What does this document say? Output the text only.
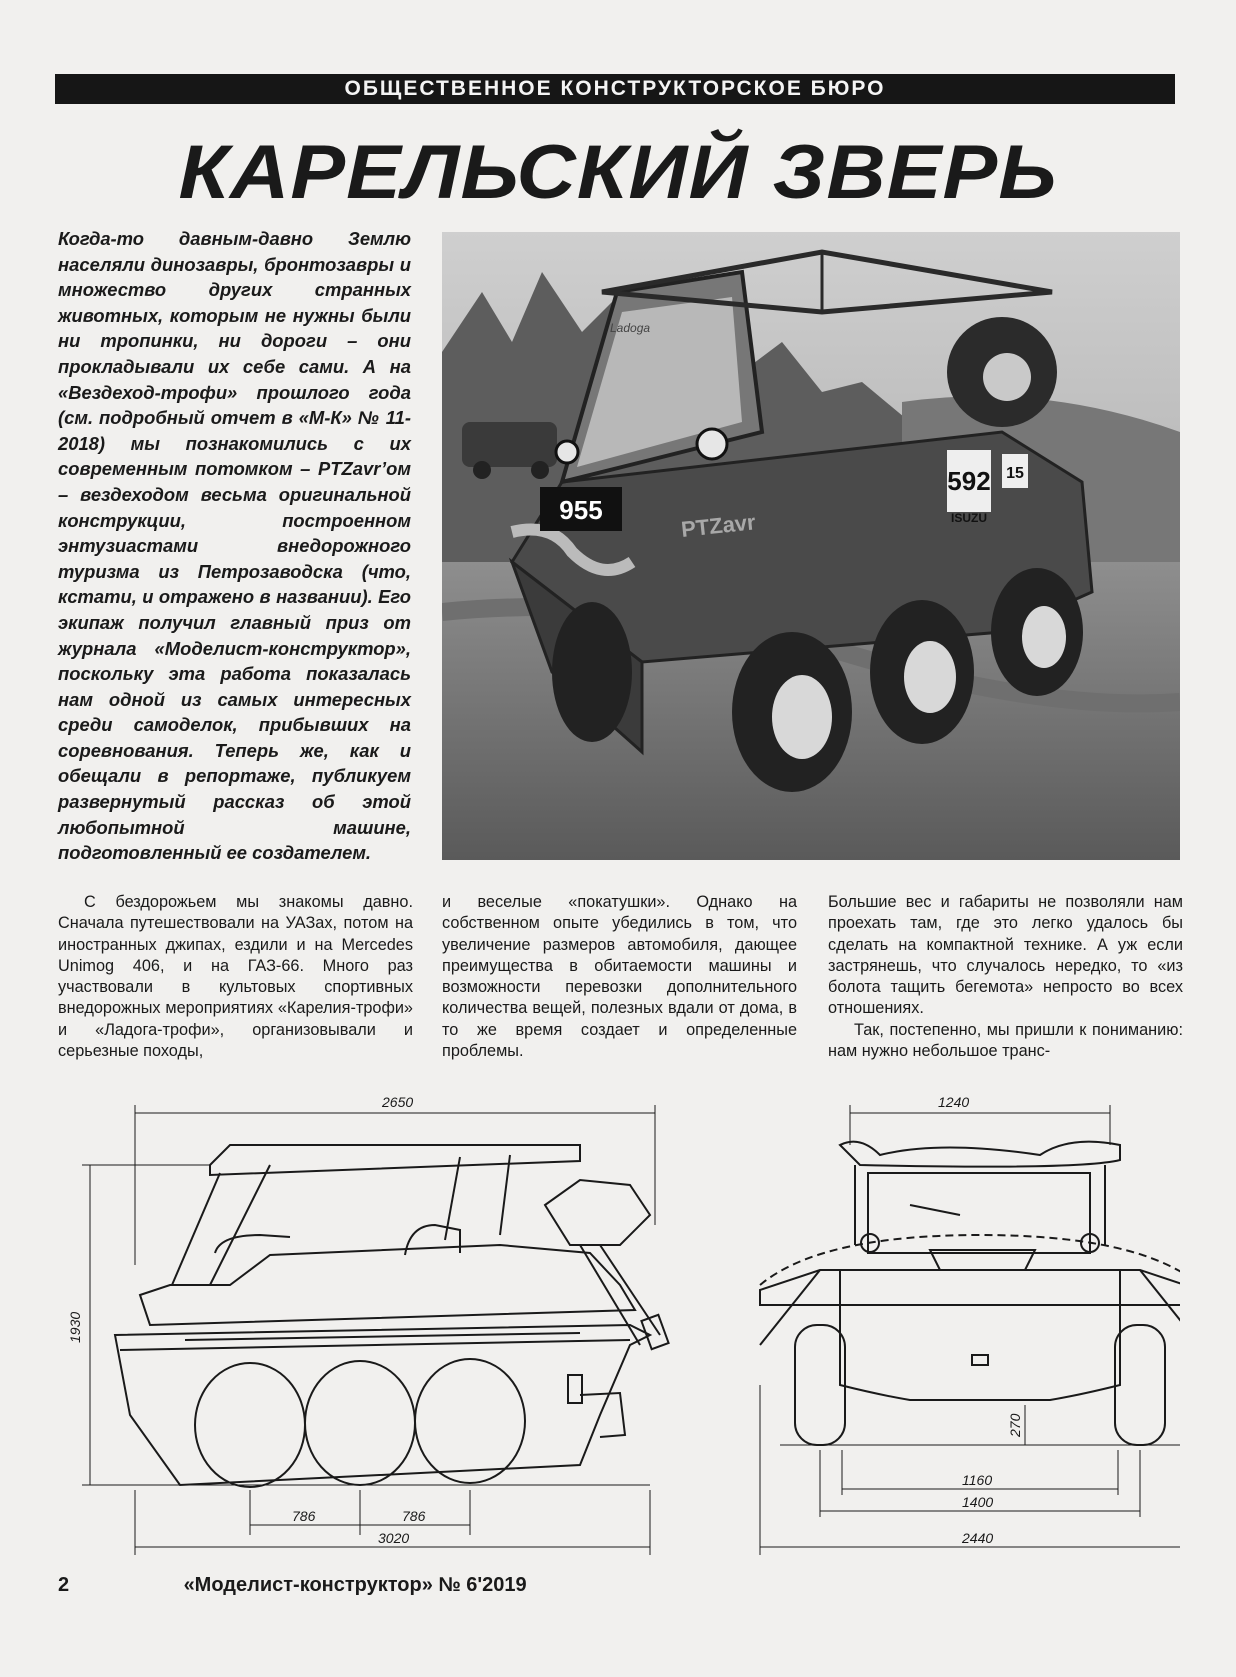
ОБЩЕСТВЕННОЕ КОНСТРУКТОРСКОЕ БЮРО
КАРЕЛЬСКИЙ ЗВЕРЬ
Когда-то давным-давно Землю населяли динозавры, бронтозавры и множество других странных животных, которым не нужны были ни тропинки, ни дороги – они прокладывали их себе сами. А на «Вездеход-трофи» прошлого года (см. подробный отчет в «М-К» № 11-2018) мы познакомились с их современным потомком – PTZavr’ом – вездеходом весьма оригинальной конструкции, построенном энтузиастами внедорожного туризма из Петрозаводска (что, кстати, и отражено в названии). Его экипаж получил главный приз от журнала «Моделист-конструктор», поскольку эта работа показалась нам одной из самых интересных среди самоделок, прибывших на соревнования. Теперь же, как и обещали в репортаже, публикуем развернутый рассказ об этой любопытной машине, подготовленный ее создателем.
955
592
ISUZU
15
PTZavr
Ladoga
С бездорожьем мы знакомы давно. Сначала путешествовали на УАЗах, потом на иностранных джипах, ездили и на Mercedes Unimog 406, и на ГАЗ-66. Много раз участвовали в культовых спортивных внедорожных мероприятиях «Карелия-трофи» и «Ладога-трофи», организовывали и серьезные походы,
и веселые «покатушки». Однако на собственном опыте убедились в том, что увеличение размеров автомобиля, дающее преимущества в обитаемости машины и возможности перевозки дополнительного количества вещей, полезных вдали от дома, в то же время создает и определенные проблемы.
Большие вес и габариты не позволяли нам проехать там, где это легко удалось бы сделать на компактной технике. А уж если застрянешь, что случалось нередко, то «из болота тащить бегемота» непросто во всех отношениях.
Так, постепенно, мы пришли к пониманию: нам нужно небольшое транс-
2650
1930
786	786
3020
1240
270
1160
1400
2440
2	«Моделист-конструктор» № 6'2019
